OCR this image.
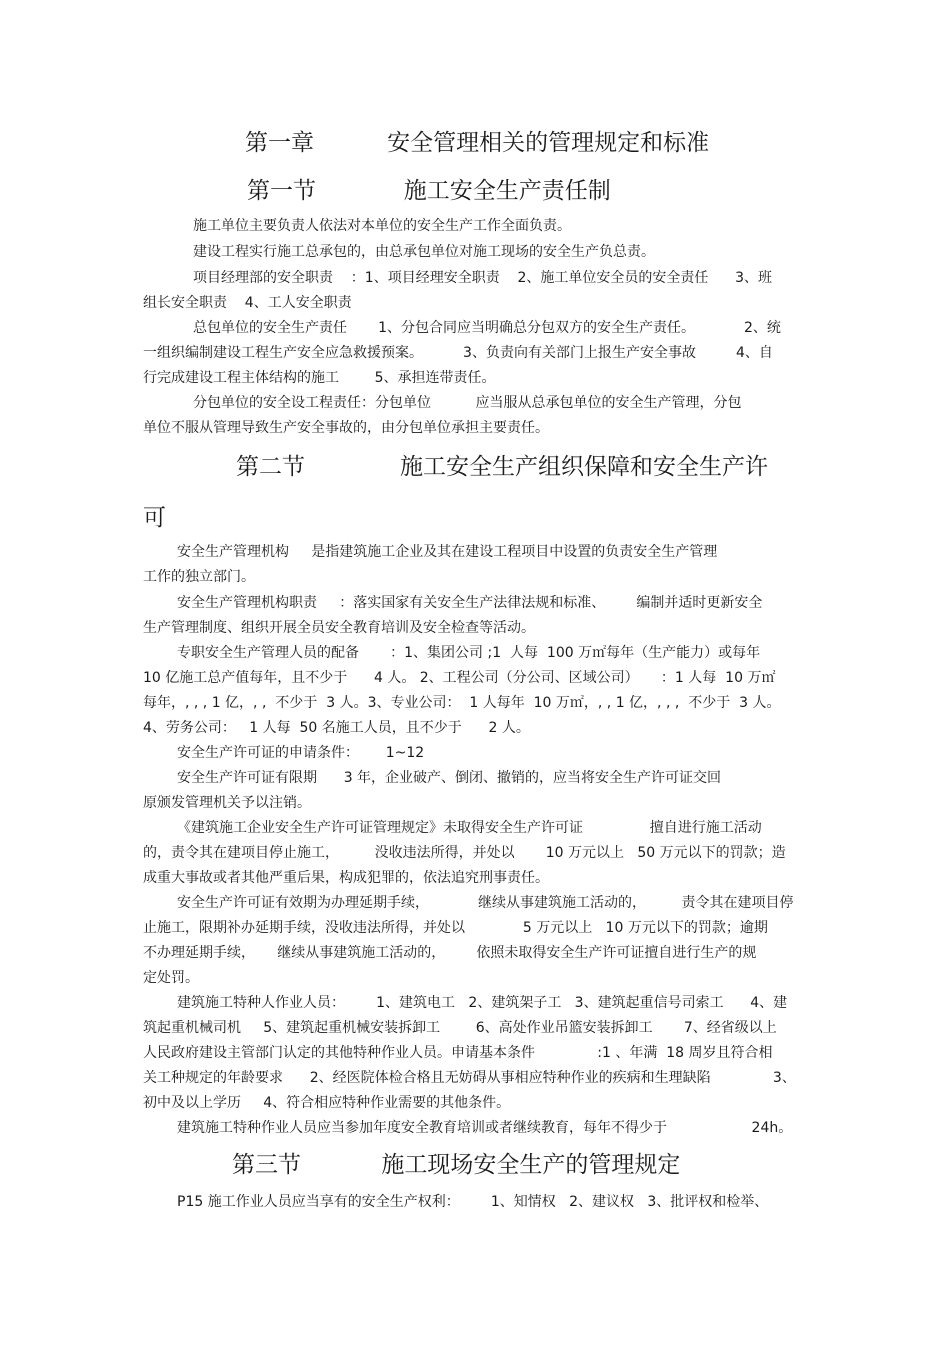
第一章          安全管理相关的管理规定和标准
第一节            施工安全生产责任制
施工单位主要负责人依法对本单位的安全生产工作全面负责。
建设工程实行施工总承包的，由总承包单位对施工现场的安全生产负总责。
项目经理部的安全职责    ：1、项目经理安全职责    2、施工单位安全员的安全责任      3、班
组长安全职责    4、工人安全职责
总包单位的安全生产责任       1、分包合同应当明确总分包双方的安全生产责任。           2、统
一组织编制建设工程生产安全应急救援预案。         3、负责向有关部门上报生产安全事故         4、自
行完成建设工程主体结构的施工        5、承担连带责任。
分包单位的安全设工程责任：分包单位          应当服从总承包单位的安全生产管理，分包
单位不服从管理导致生产安全事故的，由分包单位承担主要责任。
第二节             施工安全生产组织保障和安全生产许
可
安全生产管理机构     是指建筑施工企业及其在建设工程项目中设置的负责安全生产管理
工作的独立部门。
安全生产管理机构职责     ：落实国家有关安全生产法律法规和标准、       编制并适时更新安全
生产管理制度、组织开展全员安全教育培训及安全检查等活动。
专职安全生产管理人员的配备       ：1、集团公司 ;1  人每  100 万㎡每年（生产能力）或每年
10 亿施工总产值每年，且不少于      4 人。 2、工程公司（分公司、区域公司）     ：1 人每  10 万㎡
每年，, , , 1 亿，, ,  不少于  3 人。3、专业公司：  1 人每年  10 万㎡，, , 1 亿，, , ,  不少于  3 人。
4、劳务公司：   1 人每  50 名施工人员，且不少于      2 人。
安全生产许可证的申请条件：      1~12
安全生产许可证有限期      3 年，企业破产、倒闭、撤销的，应当将安全生产许可证交回
原颁发管理机关予以注销。
《建筑施工企业安全生产许可证管理规定》未取得安全生产许可证               擅自进行施工活动
的，责令其在建项目停止施工，        没收违法所得，并处以       10 万元以上   50 万元以下的罚款；造
成重大事故或者其他严重后果，构成犯罪的，依法追究刑事责任。
安全生产许可证有效期为办理延期手续，           继续从事建筑施工活动的，        责令其在建项目停
止施工，限期补办延期手续，没收违法所得，并处以             5 万元以上   10 万元以下的罚款；逾期
不办理延期手续，     继续从事建筑施工活动的，       依照未取得安全生产许可证擅自进行生产的规
定处罚。
建筑施工特种人作业人员：       1、建筑电工   2、建筑架子工   3、建筑起重信号司索工      4、建
筑起重机械司机     5、建筑起重机械安装拆卸工        6、高处作业吊篮安装拆卸工       7、经省级以上
人民政府建设主管部门认定的其他特种作业人员。申请基本条件              :1 、年满  18 周岁且符合相
关工种规定的年龄要求      2、经医院体检合格且无妨碍从事相应特种作业的疾病和生理缺陷              3、
初中及以上学历     4、符合相应特种作业需要的其他条件。
建筑施工特种作业人员应当参加年度安全教育培训或者继续教育，每年不得少于                   24h。
第三节           施工现场安全生产的管理规定
P15 施工作业人员应当享有的安全生产权利：       1、知情权   2、建议权   3、批评权和检举、
